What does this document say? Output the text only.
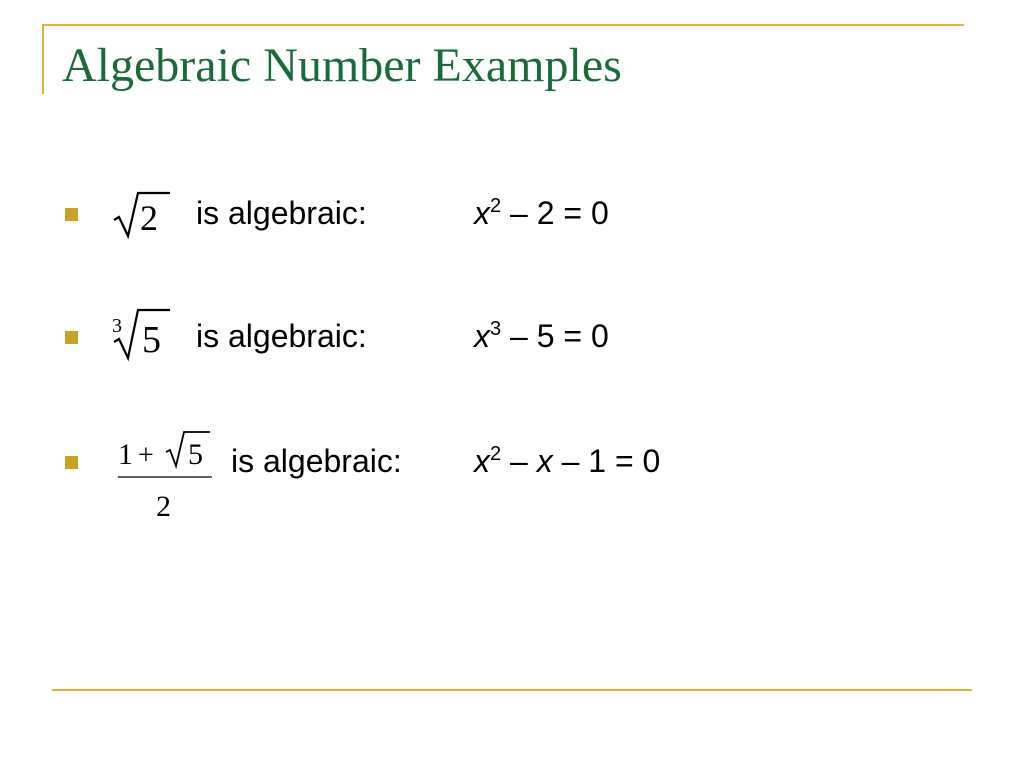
Algebraic Number Examples
2 is algebraic:	$x^2 - 2 = 0$
3 5 is algebraic:	$x^3 - 5 = 0$
1 + 5
2
is algebraic: $x^2 - x - 1 = 0$
